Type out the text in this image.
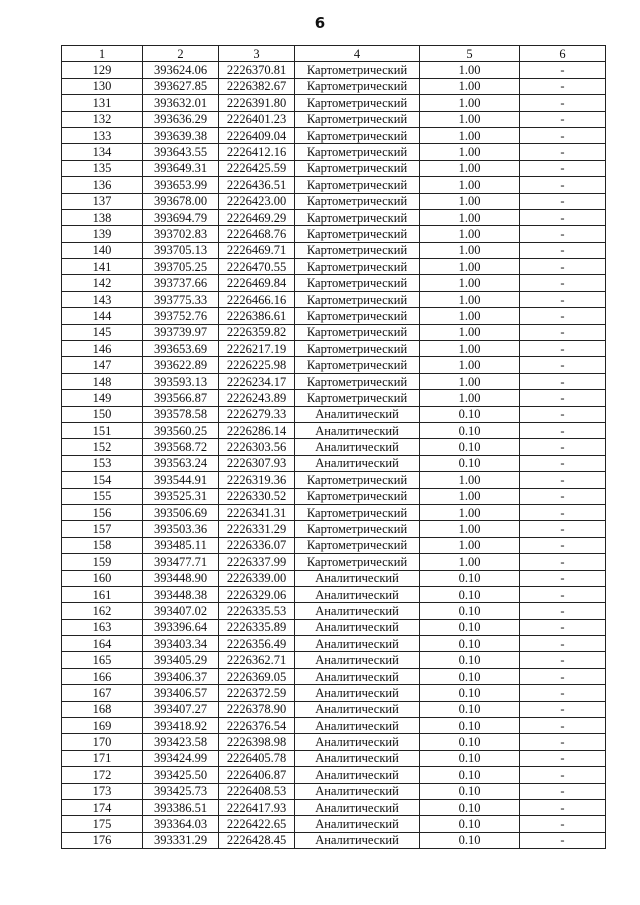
6
1	2	3	4	5	6
129	393624.06	2226370.81	Картометрический	1.00	-
130	393627.85	2226382.67	Картометрический	1.00	-
131	393632.01	2226391.80	Картометрический	1.00	-
132	393636.29	2226401.23	Картометрический	1.00	-
133	393639.38	2226409.04	Картометрический	1.00	-
134	393643.55	2226412.16	Картометрический	1.00	-
135	393649.31	2226425.59	Картометрический	1.00	-
136	393653.99	2226436.51	Картометрический	1.00	-
137	393678.00	2226423.00	Картометрический	1.00	-
138	393694.79	2226469.29	Картометрический	1.00	-
139	393702.83	2226468.76	Картометрический	1.00	-
140	393705.13	2226469.71	Картометрический	1.00	-
141	393705.25	2226470.55	Картометрический	1.00	-
142	393737.66	2226469.84	Картометрический	1.00	-
143	393775.33	2226466.16	Картометрический	1.00	-
144	393752.76	2226386.61	Картометрический	1.00	-
145	393739.97	2226359.82	Картометрический	1.00	-
146	393653.69	2226217.19	Картометрический	1.00	-
147	393622.89	2226225.98	Картометрический	1.00	-
148	393593.13	2226234.17	Картометрический	1.00	-
149	393566.87	2226243.89	Картометрический	1.00	-
150	393578.58	2226279.33	Аналитический	0.10	-
151	393560.25	2226286.14	Аналитический	0.10	-
152	393568.72	2226303.56	Аналитический	0.10	-
153	393563.24	2226307.93	Аналитический	0.10	-
154	393544.91	2226319.36	Картометрический	1.00	-
155	393525.31	2226330.52	Картометрический	1.00	-
156	393506.69	2226341.31	Картометрический	1.00	-
157	393503.36	2226331.29	Картометрический	1.00	-
158	393485.11	2226336.07	Картометрический	1.00	-
159	393477.71	2226337.99	Картометрический	1.00	-
160	393448.90	2226339.00	Аналитический	0.10	-
161	393448.38	2226329.06	Аналитический	0.10	-
162	393407.02	2226335.53	Аналитический	0.10	-
163	393396.64	2226335.89	Аналитический	0.10	-
164	393403.34	2226356.49	Аналитический	0.10	-
165	393405.29	2226362.71	Аналитический	0.10	-
166	393406.37	2226369.05	Аналитический	0.10	-
167	393406.57	2226372.59	Аналитический	0.10	-
168	393407.27	2226378.90	Аналитический	0.10	-
169	393418.92	2226376.54	Аналитический	0.10	-
170	393423.58	2226398.98	Аналитический	0.10	-
171	393424.99	2226405.78	Аналитический	0.10	-
172	393425.50	2226406.87	Аналитический	0.10	-
173	393425.73	2226408.53	Аналитический	0.10	-
174	393386.51	2226417.93	Аналитический	0.10	-
175	393364.03	2226422.65	Аналитический	0.10	-
176	393331.29	2226428.45	Аналитический	0.10	-
